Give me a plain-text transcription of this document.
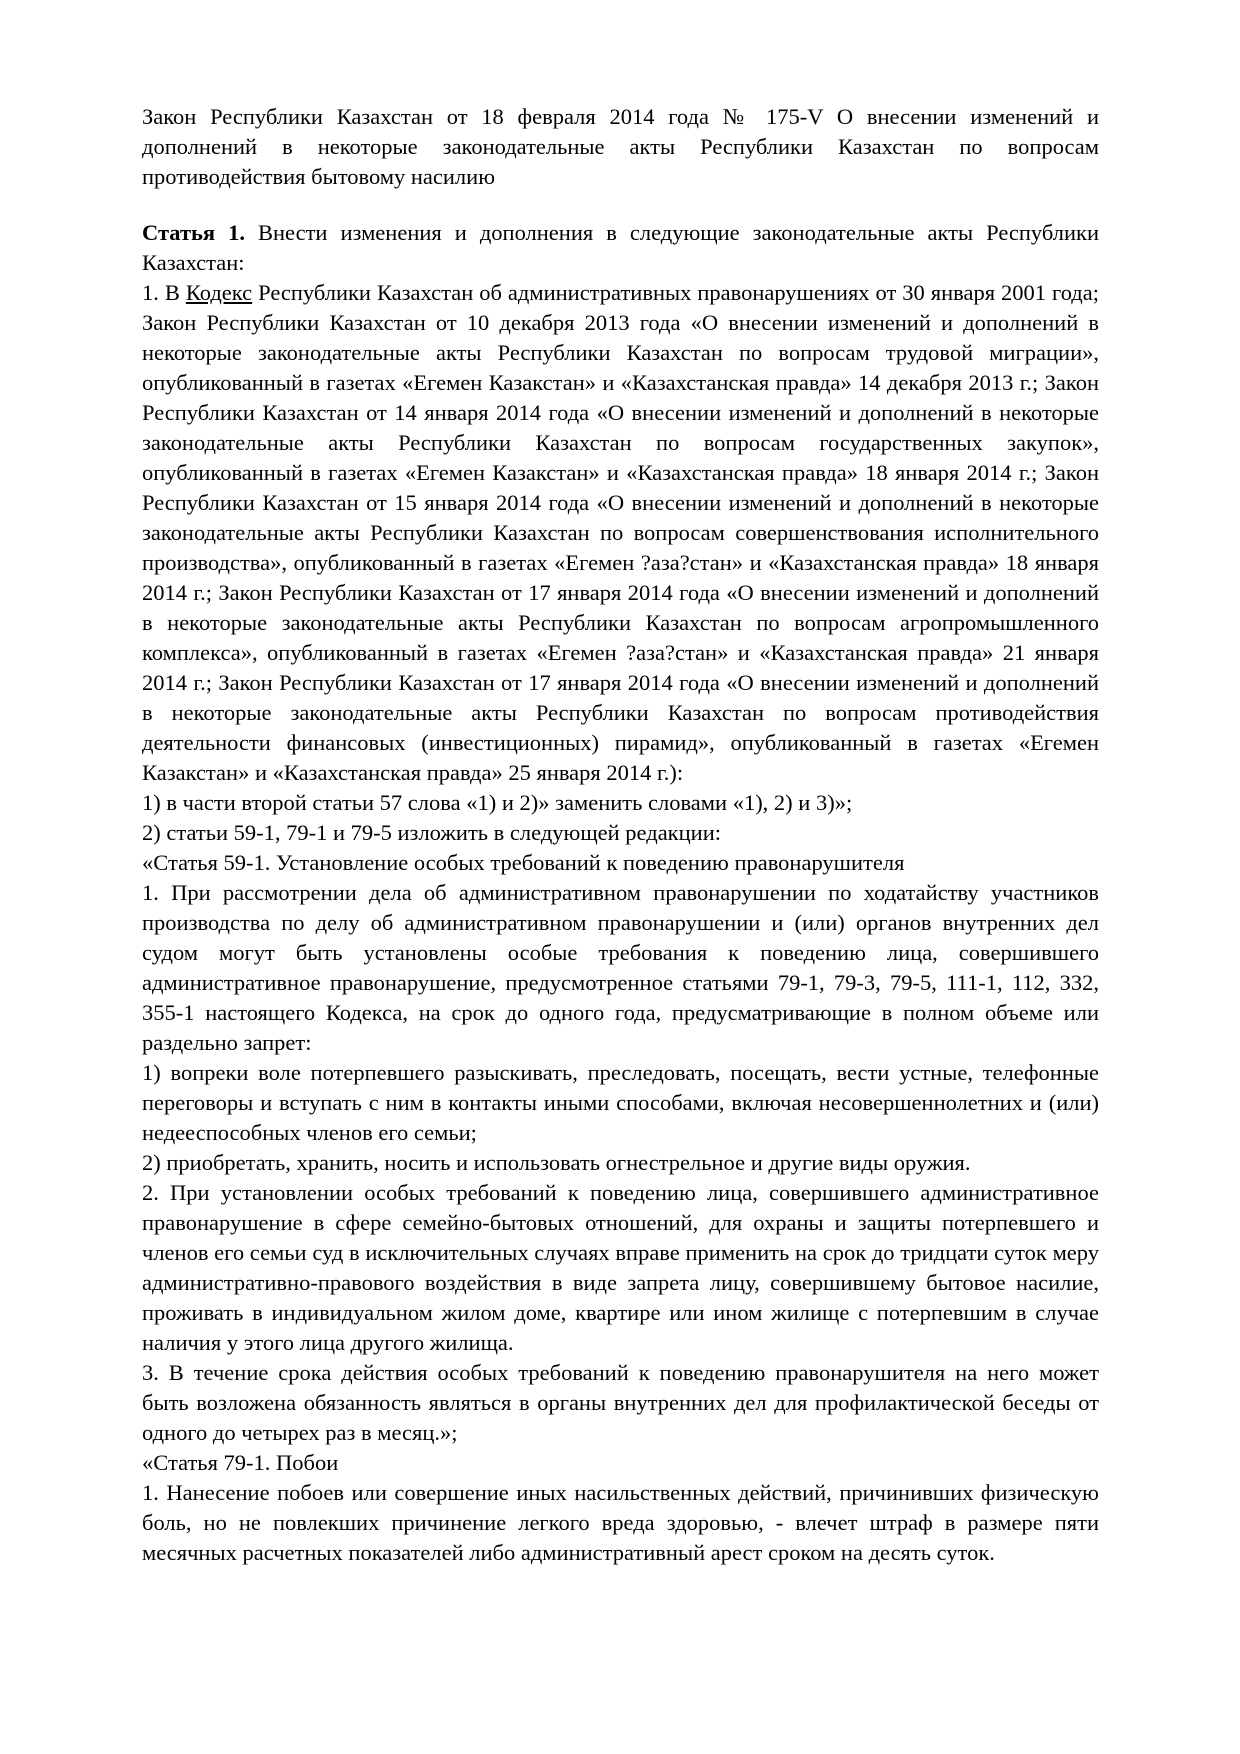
Закон Республики Казахстан от 18 февраля 2014 года № 175-V О внесении изменений и дополнений в некоторые законодательные акты Республики Казахстан по вопросам противодействия бытовому насилию

Статья 1. Внести изменения и дополнения в следующие законодательные акты Республики Казахстан:

1. В Кодекс Республики Казахстан об административных правонарушениях от 30 января 2001 года; Закон Республики Казахстан от 10 декабря 2013 года «О внесении изменений и дополнений в некоторые законодательные акты Республики Казахстан по вопросам трудовой миграции», опубликованный в газетах «Егемен Казакстан» и «Казахстанская правда» 14 декабря 2013 г.; Закон Республики Казахстан от 14 января 2014 года «О внесении изменений и дополнений в некоторые законодательные акты Республики Казахстан по вопросам государственных закупок», опубликованный в газетах «Егемен Казакстан» и «Казахстанская правда» 18 января 2014 г.; Закон Республики Казахстан от 15 января 2014 года «О внесении изменений и дополнений в некоторые законодательные акты Республики Казахстан по вопросам совершенствования исполнительного производства», опубликованный в газетах «Егемен ?аза?стан» и «Казахстанская правда» 18 января 2014 г.; Закон Республики Казахстан от 17 января 2014 года «О внесении изменений и дополнений в некоторые законодательные акты Республики Казахстан по вопросам агропромышленного комплекса», опубликованный в газетах «Егемен ?аза?стан» и «Казахстанская правда» 21 января 2014 г.; Закон Республики Казахстан от 17 января 2014 года «О внесении изменений и дополнений в некоторые законодательные акты Республики Казахстан по вопросам противодействия деятельности финансовых (инвестиционных) пирамид», опубликованный в газетах «Егемен Казакстан» и «Казахстанская правда» 25 января 2014 г.):

1) в части второй статьи 57 слова «1) и 2)» заменить словами «1), 2) и 3)»;

2) статьи 59-1, 79-1 и 79-5 изложить в следующей редакции:

«Статья 59-1. Установление особых требований к поведению правонарушителя

1. При рассмотрении дела об административном правонарушении по ходатайству участников производства по делу об административном правонарушении и (или) органов внутренних дел судом могут быть установлены особые требования к поведению лица, совершившего административное правонарушение, предусмотренное статьями 79-1, 79-3, 79-5, 111-1, 112, 332, 355-1 настоящего Кодекса, на срок до одного года, предусматривающие в полном объеме или раздельно запрет:

1) вопреки воле потерпевшего разыскивать, преследовать, посещать, вести устные, телефонные переговоры и вступать с ним в контакты иными способами, включая несовершеннолетних и (или) недееспособных членов его семьи;

2) приобретать, хранить, носить и использовать огнестрельное и другие виды оружия.

2. При установлении особых требований к поведению лица, совершившего административное правонарушение в сфере семейно-бытовых отношений, для охраны и защиты потерпевшего и членов его семьи суд в исключительных случаях вправе применить на срок до тридцати суток меру административно-правового воздействия в виде запрета лицу, совершившему бытовое насилие, проживать в индивидуальном жилом доме, квартире или ином жилище с потерпевшим в случае наличия у этого лица другого жилища.

3. В течение срока действия особых требований к поведению правонарушителя на него может быть возложена обязанность являться в органы внутренних дел для профилактической беседы от одного до четырех раз в месяц.»;

«Статья 79-1. Побои

1. Нанесение побоев или совершение иных насильственных действий, причинивших физическую боль, но не повлекших причинение легкого вреда здоровью, - влечет штраф в размере пяти месячных расчетных показателей либо административный арест сроком на десять суток.
